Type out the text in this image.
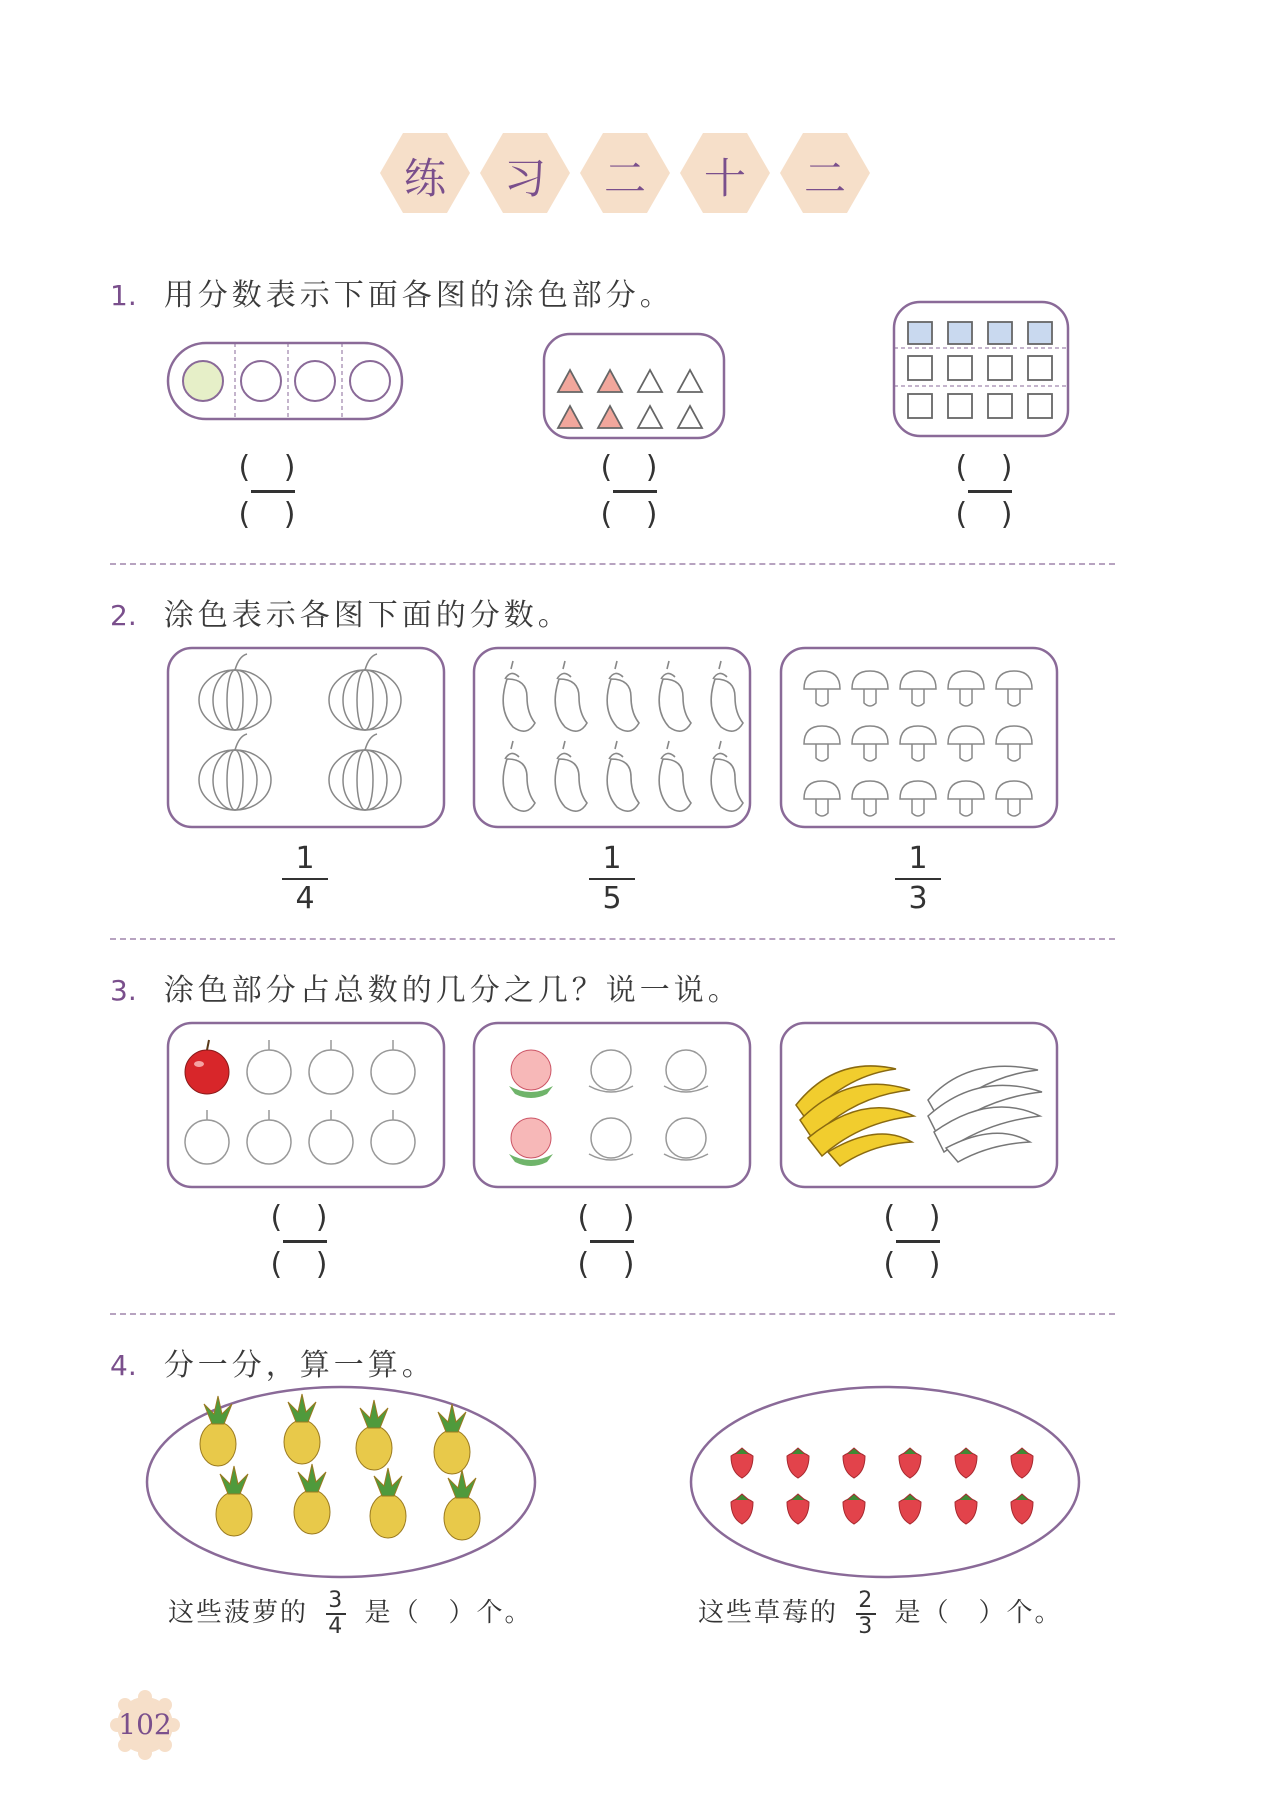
练 习 二 十 二
1. 用分数表示下面各图的涂色部分。
( )
( )
( )
( )
( )
( )
2. 涂色表示各图下面的分数。
1
4
1
5
1
3
3. 涂色部分占总数的几分之几？说一说。
( )
( )
( )
( )
( )
( )
4. 分一分，算一算。
这些菠萝的 $\frac{3}{4}$ 是（　）个。	这些草莓的 $\frac{2}{3}$ 是（　）个。
102
